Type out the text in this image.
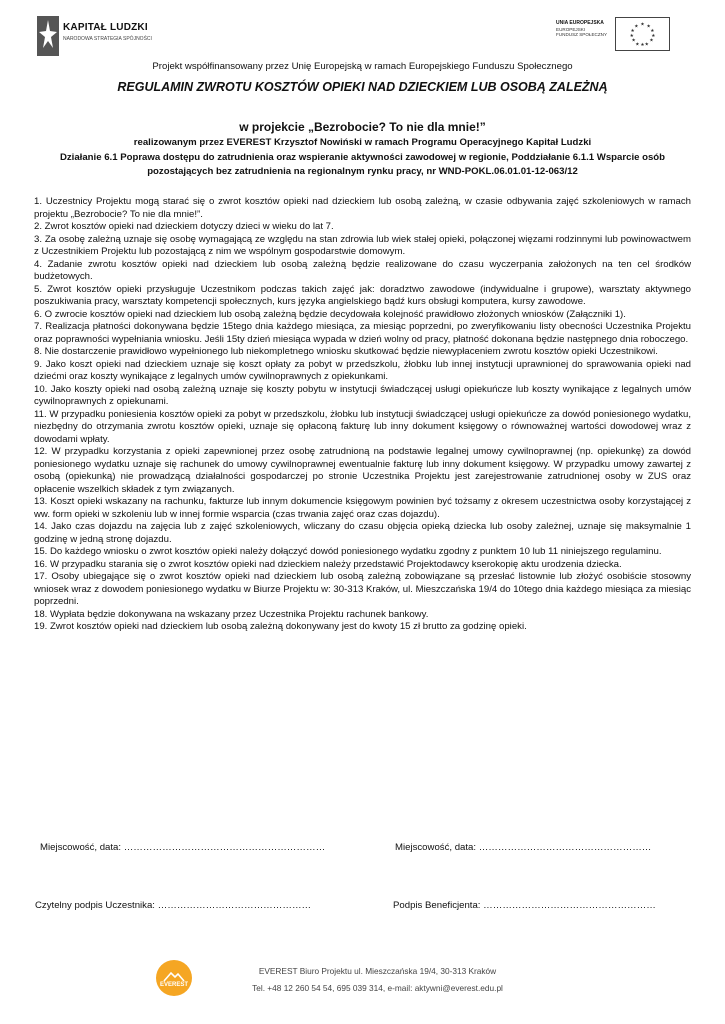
KAPITAŁ LUDZKI
NARODOWA STRATEGIA SPÓJNOŚCI
UNIA EUROPEJSKA
EUROPEJSKI
FUNDUSZ SPOŁECZNY
★ ★
★
★
★
★
★
★
★
★
★
★
Projekt współfinansowany przez Unię Europejską w ramach Europejskiego Funduszu Społecznego
REGULAMIN ZWROTU KOSZTÓW OPIEKI NAD DZIECKIEM LUB OSOBĄ ZALEŻNĄ
w projekcie „Bezrobocie? To nie dla mnie!”
realizowanym przez EVEREST Krzysztof Nowiński w ramach Programu Operacyjnego Kapitał Ludzki
Działanie 6.1 Poprawa dostępu do zatrudnienia oraz wspieranie aktywności zawodowej w regionie, Poddziałanie 6.1.1 Wsparcie osób pozostających bez zatrudnienia na regionalnym rynku pracy, nr WND-POKL.06.01.01-12-063/12

1. Uczestnicy Projektu mogą starać się o zwrot kosztów opieki nad dzieckiem lub osobą zależną, w czasie odbywania zajęć szkoleniowych w ramach projektu „Bezrobocie? To nie dla mnie!”.

2. Zwrot kosztów opieki nad dzieckiem dotyczy dzieci w wieku do lat 7.

3. Za osobę zależną uznaje się osobę wymagającą ze względu na stan zdrowia lub wiek stałej opieki, połączonej więzami rodzinnymi lub powinowactwem z Uczestnikiem Projektu lub pozostającą z nim we wspólnym gospodarstwie domowym.

4. Zadanie zwrotu kosztów opieki nad dzieckiem lub osobą zależną będzie realizowane do czasu wyczerpania założonych na ten cel środków budżetowych.

5. Zwrot kosztów opieki przysługuje Uczestnikom podczas takich zajęć jak: doradztwo zawodowe (indywidualne i grupowe), warsztaty aktywnego poszukiwania pracy, warsztaty kompetencji społecznych, kurs języka angielskiego bądź kurs obsługi komputera, kursy zawodowe.

6. O zwrocie kosztów opieki nad dzieckiem lub osobą zależną będzie decydowała kolejność prawidłowo złożonych wniosków (Załączniki 1).

7. Realizacja płatności dokonywana będzie 15tego dnia każdego miesiąca, za miesiąc poprzedni, po zweryfikowaniu listy obecności Uczestnika Projektu oraz poprawności wypełniania wniosku. Jeśli 15ty dzień miesiąca wypada w dzień wolny od pracy, płatność dokonana będzie następnego dnia roboczego.

8. Nie dostarczenie prawidłowo wypełnionego lub niekompletnego wniosku skutkować będzie niewypłaceniem zwrotu kosztów opieki Uczestnikowi.

9. Jako koszt opieki nad dzieckiem uznaje się koszt opłaty za pobyt w przedszkolu, żłobku lub innej instytucji uprawnionej do sprawowania opieki nad dziećmi oraz koszty wynikające z legalnych umów cywilnoprawnych z opiekunkami.

10. Jako koszty opieki nad osobą zależną uznaje się koszty pobytu w instytucji świadczącej usługi opiekuńcze lub koszty wynikające z legalnych umów cywilnoprawnych z opiekunami.

11. W przypadku poniesienia kosztów opieki za pobyt w przedszkolu, żłobku lub instytucji świadczącej usługi opiekuńcze za dowód poniesionego wydatku, niezbędny do otrzymania zwrotu kosztów opieki, uznaje się opłaconą fakturę lub inny dokument księgowy o równoważnej wartości dowodowej wraz z dowodami wpłaty.

12. W przypadku korzystania z opieki zapewnionej przez osobę zatrudnioną na podstawie legalnej umowy cywilnoprawnej (np. opiekunkę) za dowód poniesionego wydatku uznaje się rachunek do umowy cywilnoprawnej ewentualnie fakturę lub inny dokument księgowy. W przypadku umowy zawartej z osobą (opiekunką) nie prowadzącą działalności gospodarczej po stronie Uczestnika Projektu jest zarejestrowanie zatrudnionej osoby w ZUS oraz opłacenie wszelkich składek z tym związanych.

13. Koszt opieki wskazany na rachunku, fakturze lub innym dokumencie księgowym powinien być tożsamy z okresem uczestnictwa osoby korzystającej z ww. form opieki w szkoleniu lub w innej formie wsparcia (czas trwania zajęć oraz czas dojazdu).

14. Jako czas dojazdu na zajęcia lub z zajęć szkoleniowych, wliczany do czasu objęcia opieką dziecka lub osoby zależnej, uznaje się maksymalnie 1 godzinę w jedną stronę dojazdu.

15. Do każdego wniosku o zwrot kosztów opieki należy dołączyć dowód poniesionego wydatku zgodny z punktem 10 lub 11 niniejszego regulaminu.

16. W przypadku starania się o zwrot kosztów opieki nad dzieckiem należy przedstawić Projektodawcy kserokopię aktu urodzenia dziecka.

17. Osoby ubiegające się o zwrot kosztów opieki nad dzieckiem lub osobą zależną zobowiązane są przesłać listownie lub złożyć osobiście stosowny wniosek wraz z dowodem poniesionego wydatku w Biurze Projektu w: 30-313 Kraków, ul. Mieszczańska 19/4 do 10tego dnia każdego miesiąca za miesiąc poprzedni.

18. Wypłata będzie dokonywana na wskazany przez Uczestnika Projektu rachunek bankowy.

19. Zwrot kosztów opieki nad dzieckiem lub osobą zależną dokonywany jest do kwoty 15 zł brutto za godzinę opieki.

Miejscowość, data: ………………………………………………………	Miejscowość, data: ………………………………………………
Czytelny podpis Uczestnika: …………………………………………	Podpis Beneficjenta: ………………………………………………
EVEREST
EVEREST Biuro Projektu ul. Mieszczańska 19/4, 30-313 Kraków
Tel. +48 12 260 54 54, 695 039 314, e-mail: aktywni@everest.edu.pl
